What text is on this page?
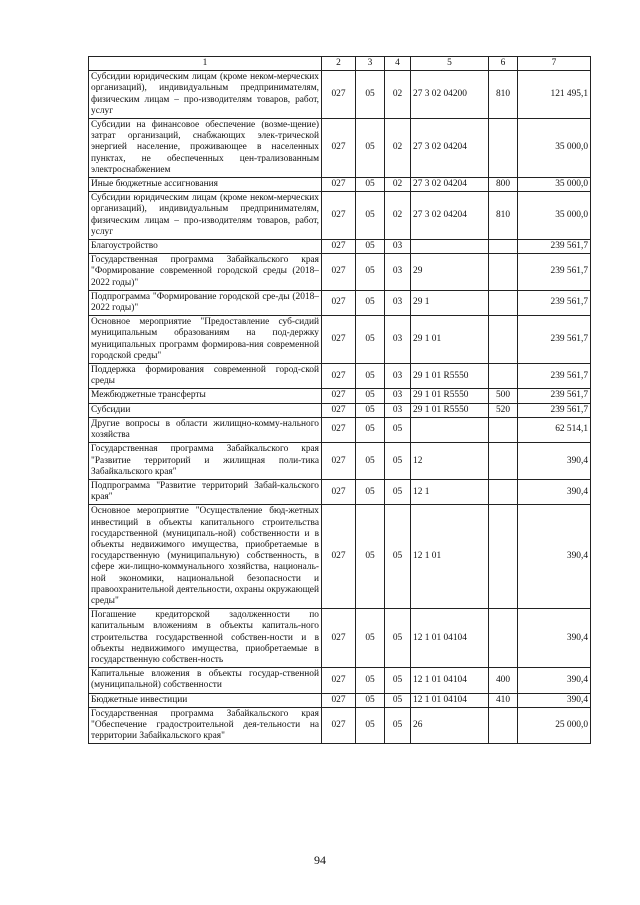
1	2	3	4	5	6	7
Субсидии юридическим лицам (кроме неком-мерческих организаций), индивидуальным предпринимателям, физическим лицам – про-изводителям товаров, работ, услуг	027	05	02	27 3 02 04200	810	121 495,1
Субсидии на финансовое обеспечение (возме-щение) затрат организаций, снабжающих элек-трической энергией население, проживающее в населенных пунктах, не обеспеченных цен-трализованным электроснабжением	027	05	02	27 3 02 04204		35 000,0
Иные бюджетные ассигнования	027	05	02	27 3 02 04204	800	35 000,0
Субсидии юридическим лицам (кроме неком-мерческих организаций), индивидуальным предпринимателям, физическим лицам – про-изводителям товаров, работ, услуг	027	05	02	27 3 02 04204	810	35 000,0
Благоустройство	027	05	03			239 561,7
Государственная программа Забайкальского края "Формирование современной городской среды (2018–2022 годы)"	027	05	03	29		239 561,7
Подпрограмма "Формирование городской сре-ды (2018–2022 годы)"	027	05	03	29 1		239 561,7
Основное мероприятие "Предоставление суб-сидий муниципальным образованиям на под-держку муниципальных программ формирова-ния современной городской среды"	027	05	03	29 1 01		239 561,7
Поддержка формирования современной город-ской среды	027	05	03	29 1 01 R5550		239 561,7
Межбюджетные трансферты	027	05	03	29 1 01 R5550	500	239 561,7
Субсидии	027	05	03	29 1 01 R5550	520	239 561,7
Другие вопросы в области жилищно-комму-нального хозяйства	027	05	05			62 514,1
Государственная программа Забайкальского края "Развитие территорий и жилищная поли-тика Забайкальского края"	027	05	05	12		390,4
Подпрограмма "Развитие территорий Забай-кальского края"	027	05	05	12 1		390,4
Основное мероприятие "Осуществление бюд-жетных инвестиций в объекты капитального строительства государственной (муниципаль-ной) собственности и в объекты недвижимого имущества, приобретаемые в государственную (муниципальную) собственность, в сфере жи-лищно-коммунального хозяйства, националь-ной экономики, национальной безопасности и правоохранительной деятельности, охраны окружающей среды"	027	05	05	12 1 01		390,4
Погашение кредиторской задолженности по капитальным вложениям в объекты капиталь-ного строительства государственной собствен-ности и в объекты недвижимого имущества, приобретаемые в государственную собствен-ность	027	05	05	12 1 01 04104		390,4
Капитальные вложения в объекты государ-ственной (муниципальной) собственности	027	05	05	12 1 01 04104	400	390,4
Бюджетные инвестиции	027	05	05	12 1 01 04104	410	390,4
Государственная программа Забайкальского края "Обеспечение градостроительной дея-тельности на территории Забайкальского края"	027	05	05	26		25 000,0
94
